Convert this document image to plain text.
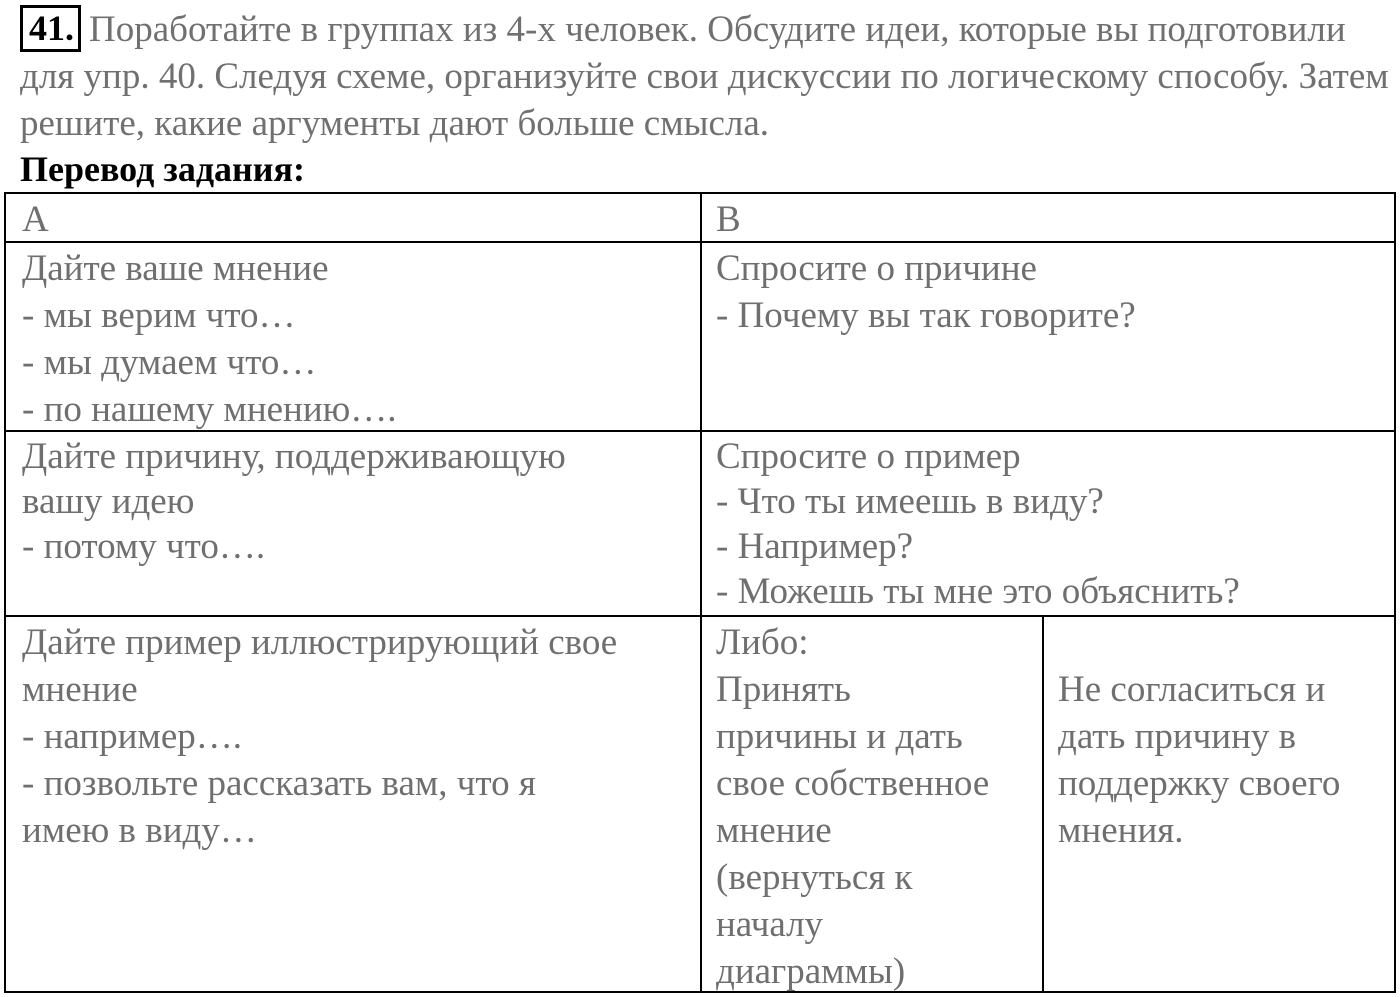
41. Поработайте в группах из 4-х человек. Обсудите идеи, которые вы подготовили для упр. 40. Следуя схеме, организуйте свои дискуссии по логическому способу. Затем решите, какие аргументы дают больше смысла.
Перевод задания:
A	B
Дайте ваше мнение
- мы верим что…
- мы думаем что…
- по нашему мнению….
Спросите о причине
- Почему вы так говорите?
Дайте причину, поддерживающую
вашу идею
- потому что….
Спросите о пример
- Что ты имеешь в виду?
- Например?
- Можешь ты мне это объяснить?
Дайте пример иллюстрирующий свое
мнение
- например….
- позвольте рассказать вам, что я
имею в виду…
Либо:
Принять
причины и дать
свое собственное
мнение
(вернуться к
началу
диаграммы)
Не согласиться и
дать причину в
поддержку своего
мнения.
